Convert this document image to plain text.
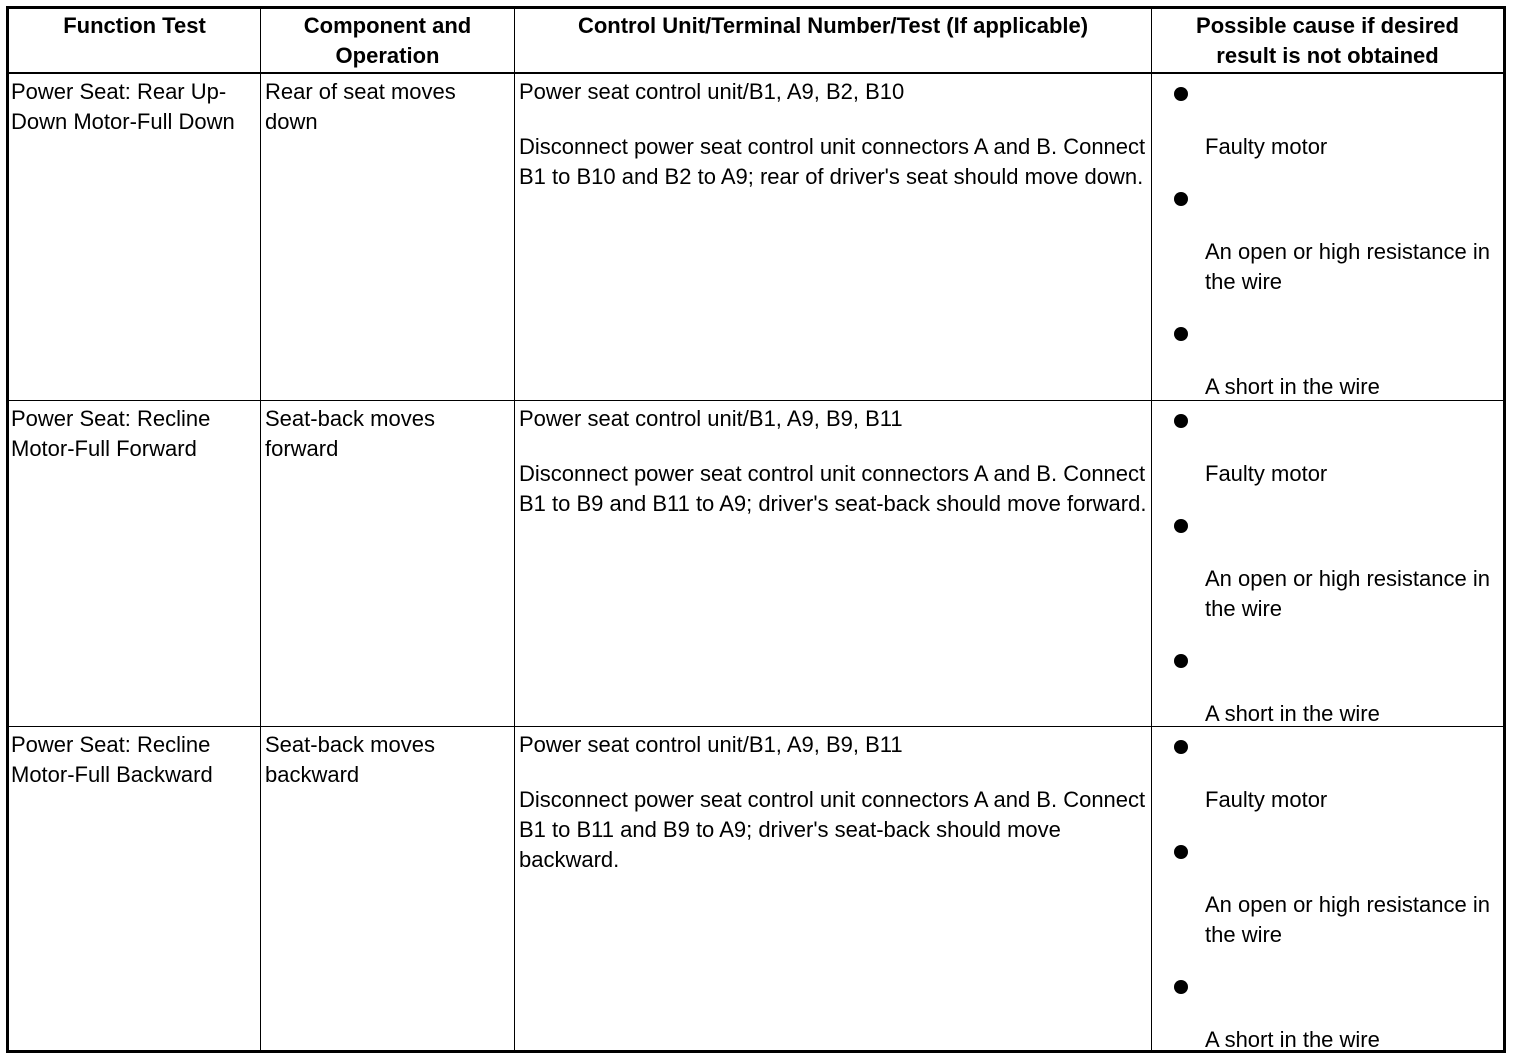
Function Test	Component and Operation
Control Unit/Terminal Number/Test (If applicable)	Possible cause if desired result is not obtained
Power Seat: Rear Up-Down Motor-Full Down
Rear of seat moves down

Power seat control unit/B1, A9, B2, B10

Disconnect power seat control unit connectors A and B. Connect B1 to B10 and B2 to A9; rear of driver's seat should move down.

Faulty motor
An open or high resistance in the wire
A short in the wire
Power Seat: Recline Motor-Full Forward
Seat-back moves forward

Power seat control unit/B1, A9, B9, B11

Disconnect power seat control unit connectors A and B. Connect B1 to B9 and B11 to A9; driver's seat-back should move forward.

Faulty motor
An open or high resistance in the wire
A short in the wire
Power Seat: Recline Motor-Full Backward
Seat-back moves backward

Power seat control unit/B1, A9, B9, B11

Disconnect power seat control unit connectors A and B. Connect B1 to B11 and B9 to A9; driver's seat-back should move backward.

Faulty motor
An open or high resistance in the wire
A short in the wire
